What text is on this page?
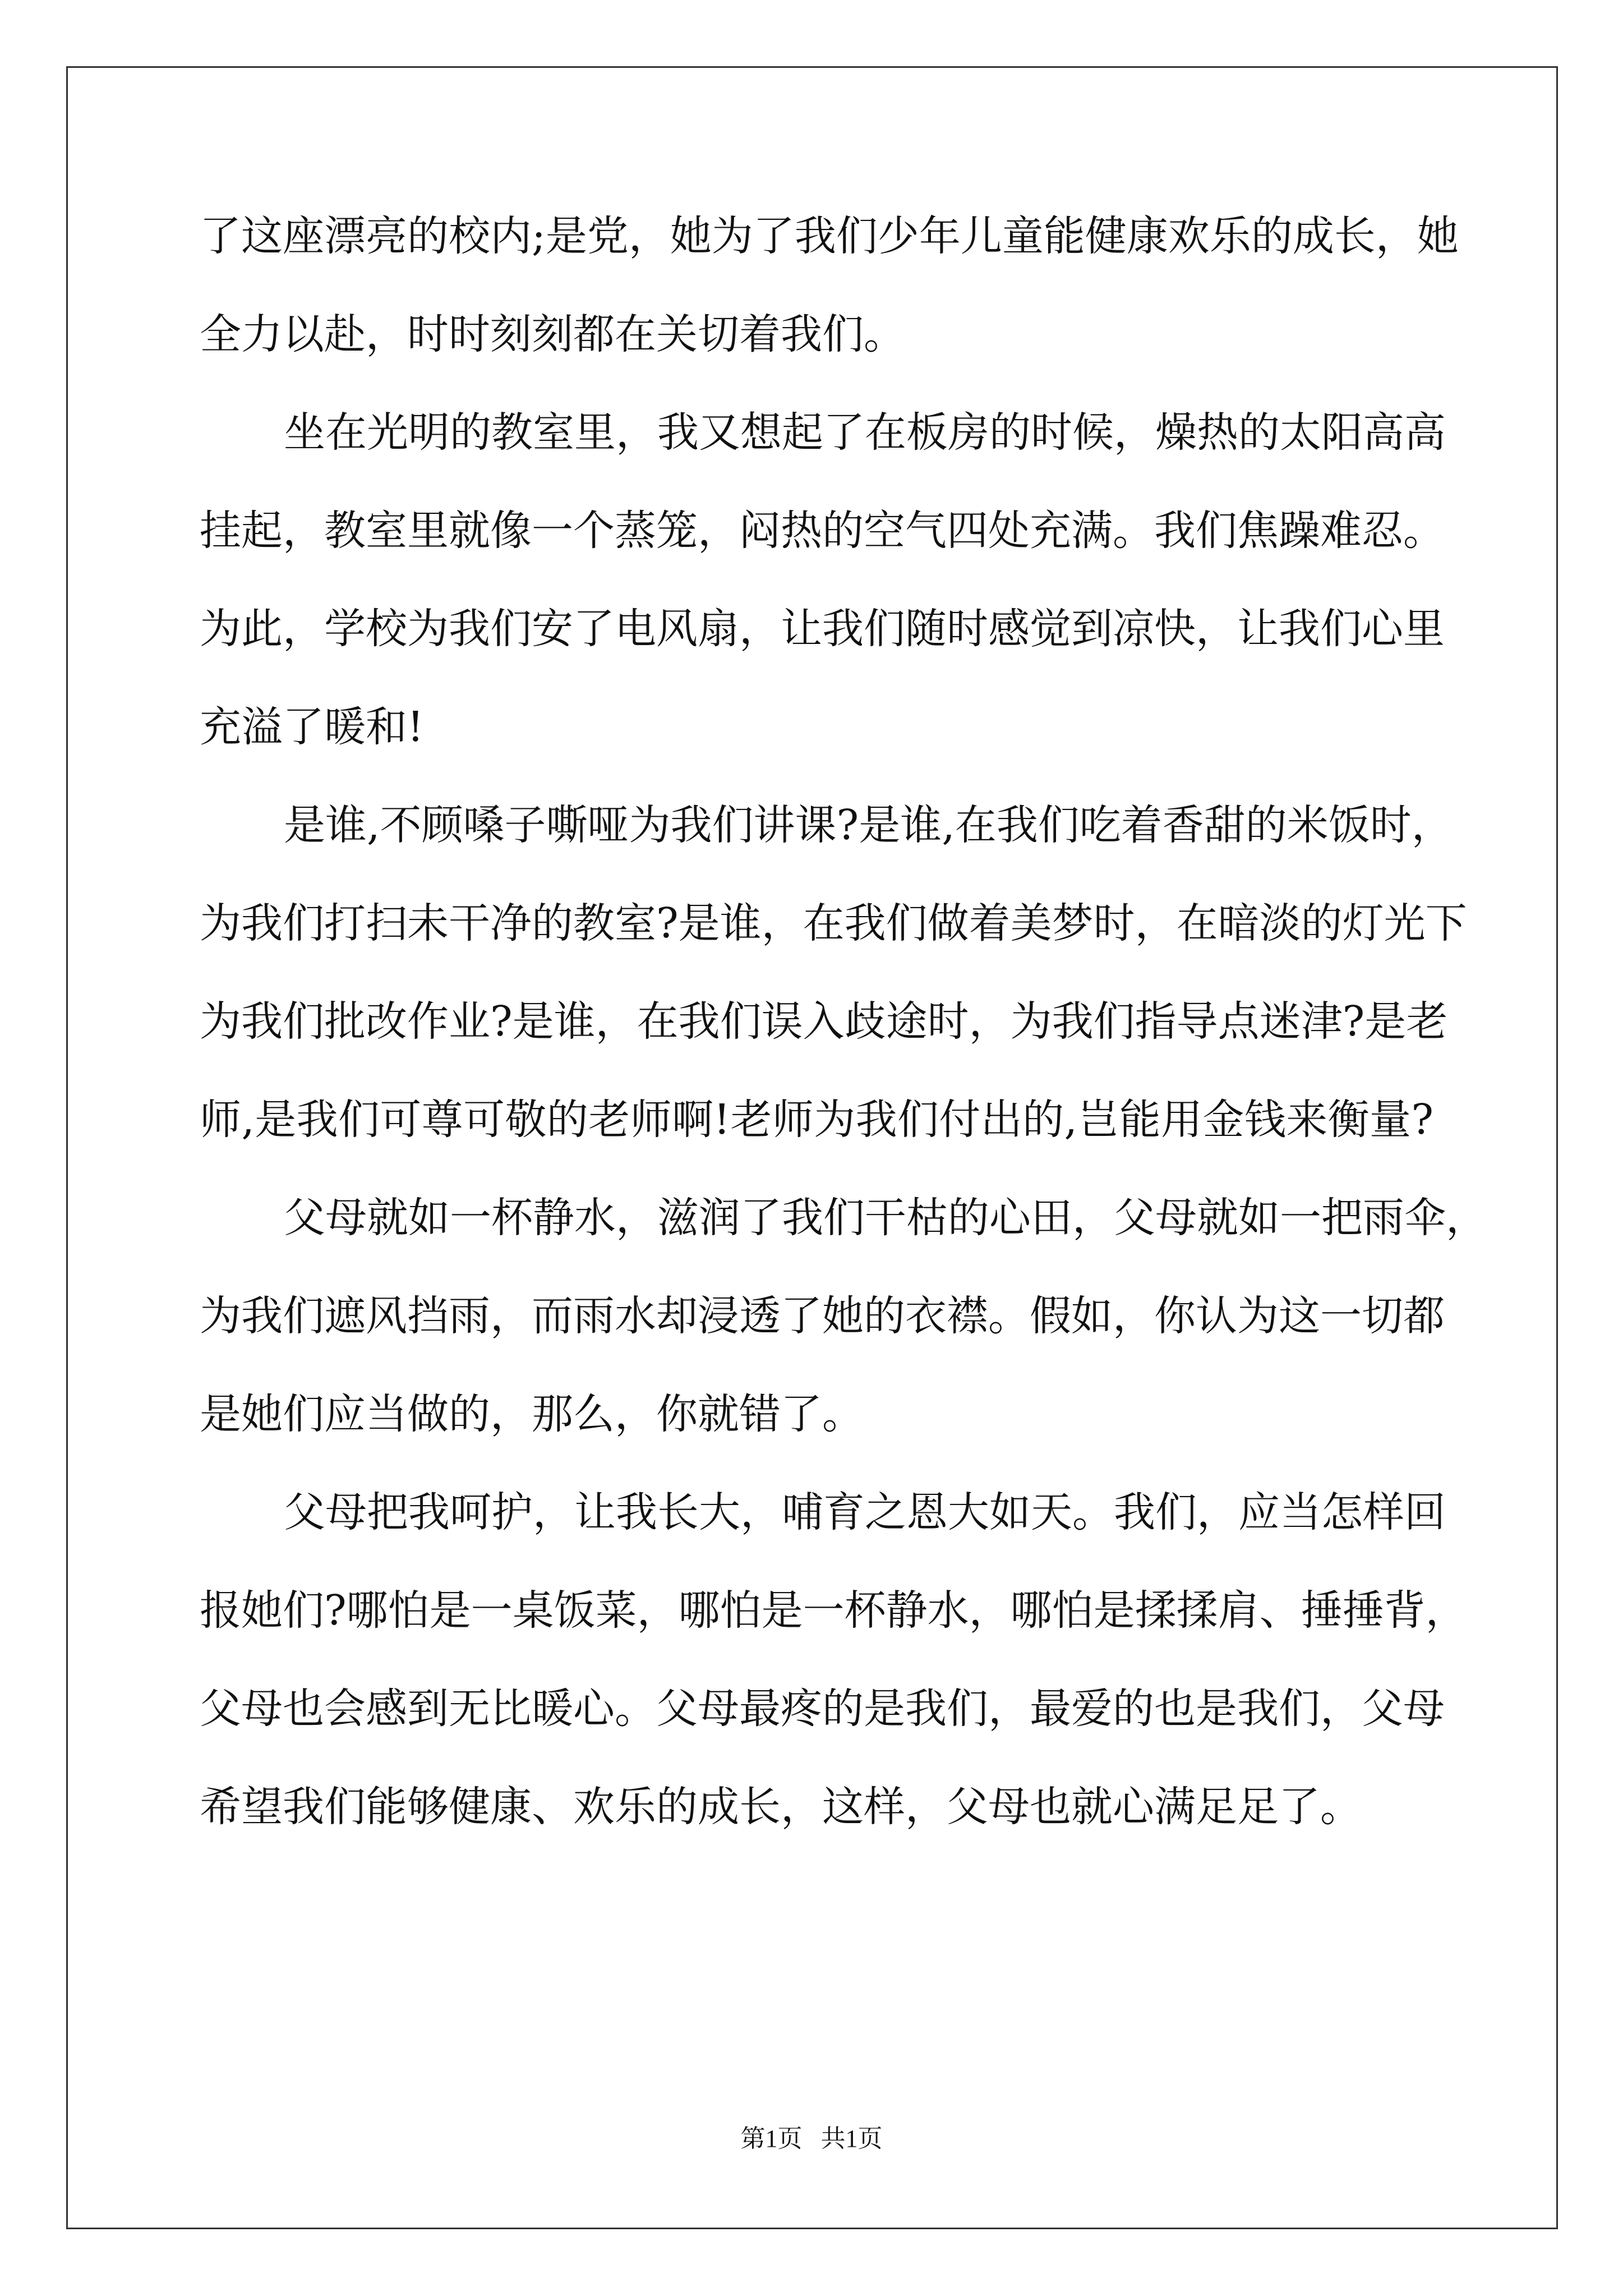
了这座漂亮的校内;是党，她为了我们少年儿童能健康欢乐的成长，她
全力以赴，时时刻刻都在关切着我们。
坐在光明的教室里，我又想起了在板房的时候，燥热的太阳高高
挂起，教室里就像一个蒸笼，闷热的空气四处充满。我们焦躁难忍。
为此，学校为我们安了电风扇，让我们随时感觉到凉快，让我们心里
充溢了暖和!
是谁,不顾嗓子嘶哑为我们讲课?是谁,在我们吃着香甜的米饭时，
为我们打扫未干净的教室?是谁，在我们做着美梦时，在暗淡的灯光下
为我们批改作业?是谁，在我们误入歧途时，为我们指导点迷津?是老
师,是我们可尊可敬的老师啊!老师为我们付出的,岂能用金钱来衡量?
父母就如一杯静水，滋润了我们干枯的心田，父母就如一把雨伞，
为我们遮风挡雨，而雨水却浸透了她的衣襟。假如，你认为这一切都
是她们应当做的，那么，你就错了。
父母把我呵护，让我长大，哺育之恩大如天。我们，应当怎样回
报她们?哪怕是一桌饭菜，哪怕是一杯静水，哪怕是揉揉肩、捶捶背，
父母也会感到无比暖心。父母最疼的是我们，最爱的也是我们，父母
希望我们能够健康、欢乐的成长，这样，父母也就心满足足了。
第1页   共1页
